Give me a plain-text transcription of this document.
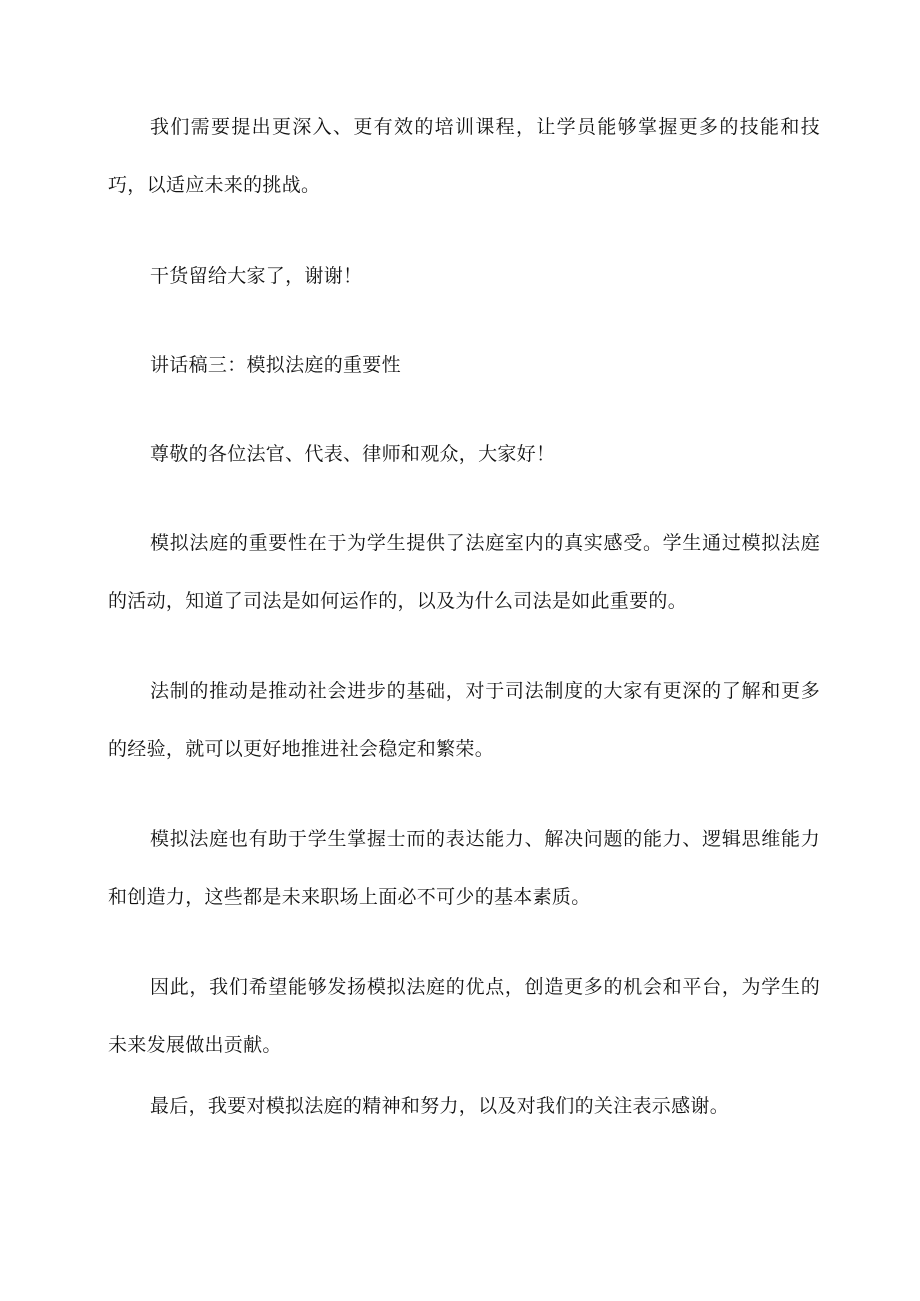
我们需要提出更深入、更有效的培训课程，让学员能够掌握更多的技能和技巧，以适应未来的挑战。

干货留给大家了，谢谢！

讲话稿三：模拟法庭的重要性

尊敬的各位法官、代表、律师和观众，大家好！

模拟法庭的重要性在于为学生提供了法庭室内的真实感受。学生通过模拟法庭的活动，知道了司法是如何运作的，以及为什么司法是如此重要的。

法制的推动是推动社会进步的基础，对于司法制度的大家有更深的了解和更多的经验，就可以更好地推进社会稳定和繁荣。

模拟法庭也有助于学生掌握士而的表达能力、解决问题的能力、逻辑思维能力和创造力，这些都是未来职场上面必不可少的基本素质。

因此，我们希望能够发扬模拟法庭的优点，创造更多的机会和平台，为学生的未来发展做出贡献。

最后，我要对模拟法庭的精神和努力，以及对我们的关注表示感谢。
